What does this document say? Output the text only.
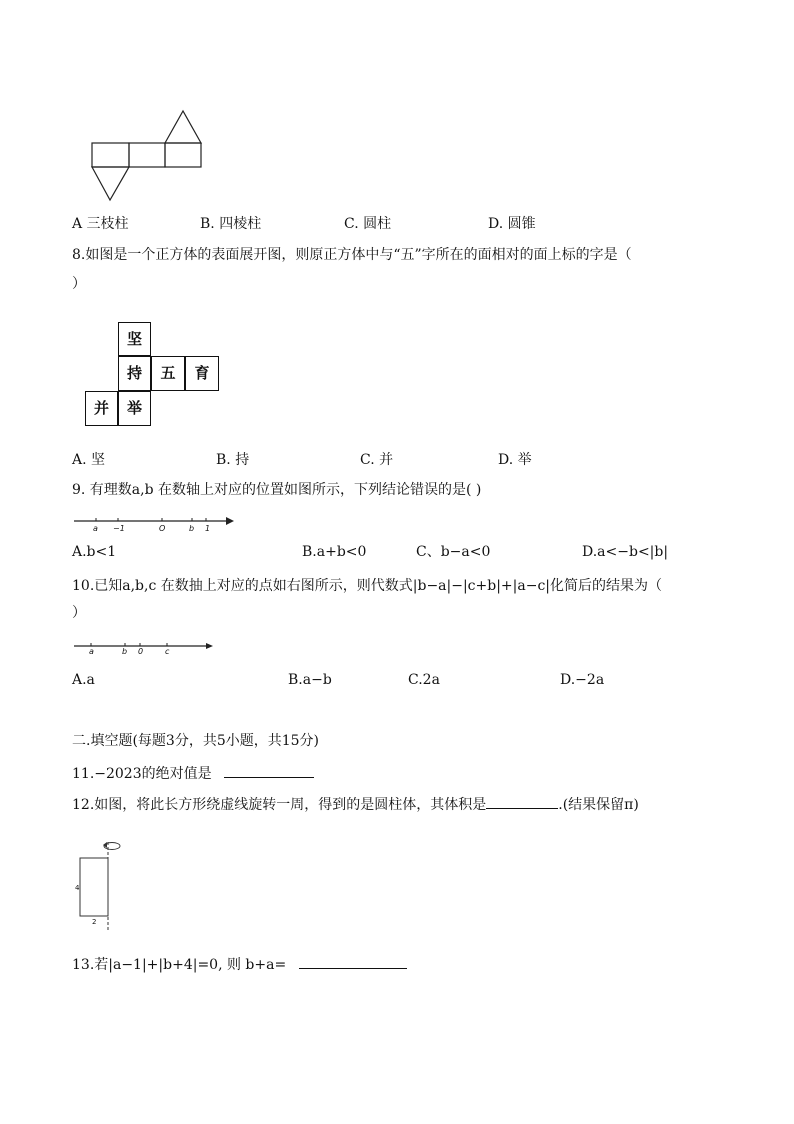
A 三枝柱	B. 四棱柱	C. 圆柱	D. 圆锥
8.如图是一个正方体的表面展开图，则原正方体中与“五”字所在的面相对的面上标的字是（
）
坚
持	五	育
并	举
A. 坚	B. 持	C. 并	D. 举
9. 有理数a,b 在数轴上对应的位置如图所示，下列结论错误的是( )
a −1	O	b 1
A.b<1	B.a+b<0	C、b−a<0	D.a<−b<|b|
10.已知a,b,c 在数抽上对应的点如右图所示，则代数式|b−a|−|c+b|+|a−c|化简后的结果为（
）
a	b 0	c
A.a	B.a−b	C.2a	D.−2a
二.填空题(每题3分，共5小题，共15分)
11.−2023的绝对值是
12.如图，将此长方形绕虚线旋转一周，得到的是圆柱体，其体积是	.(结果保留π)
4
2
13.若|a−1|+|b+4|=0, 则 b+a=
